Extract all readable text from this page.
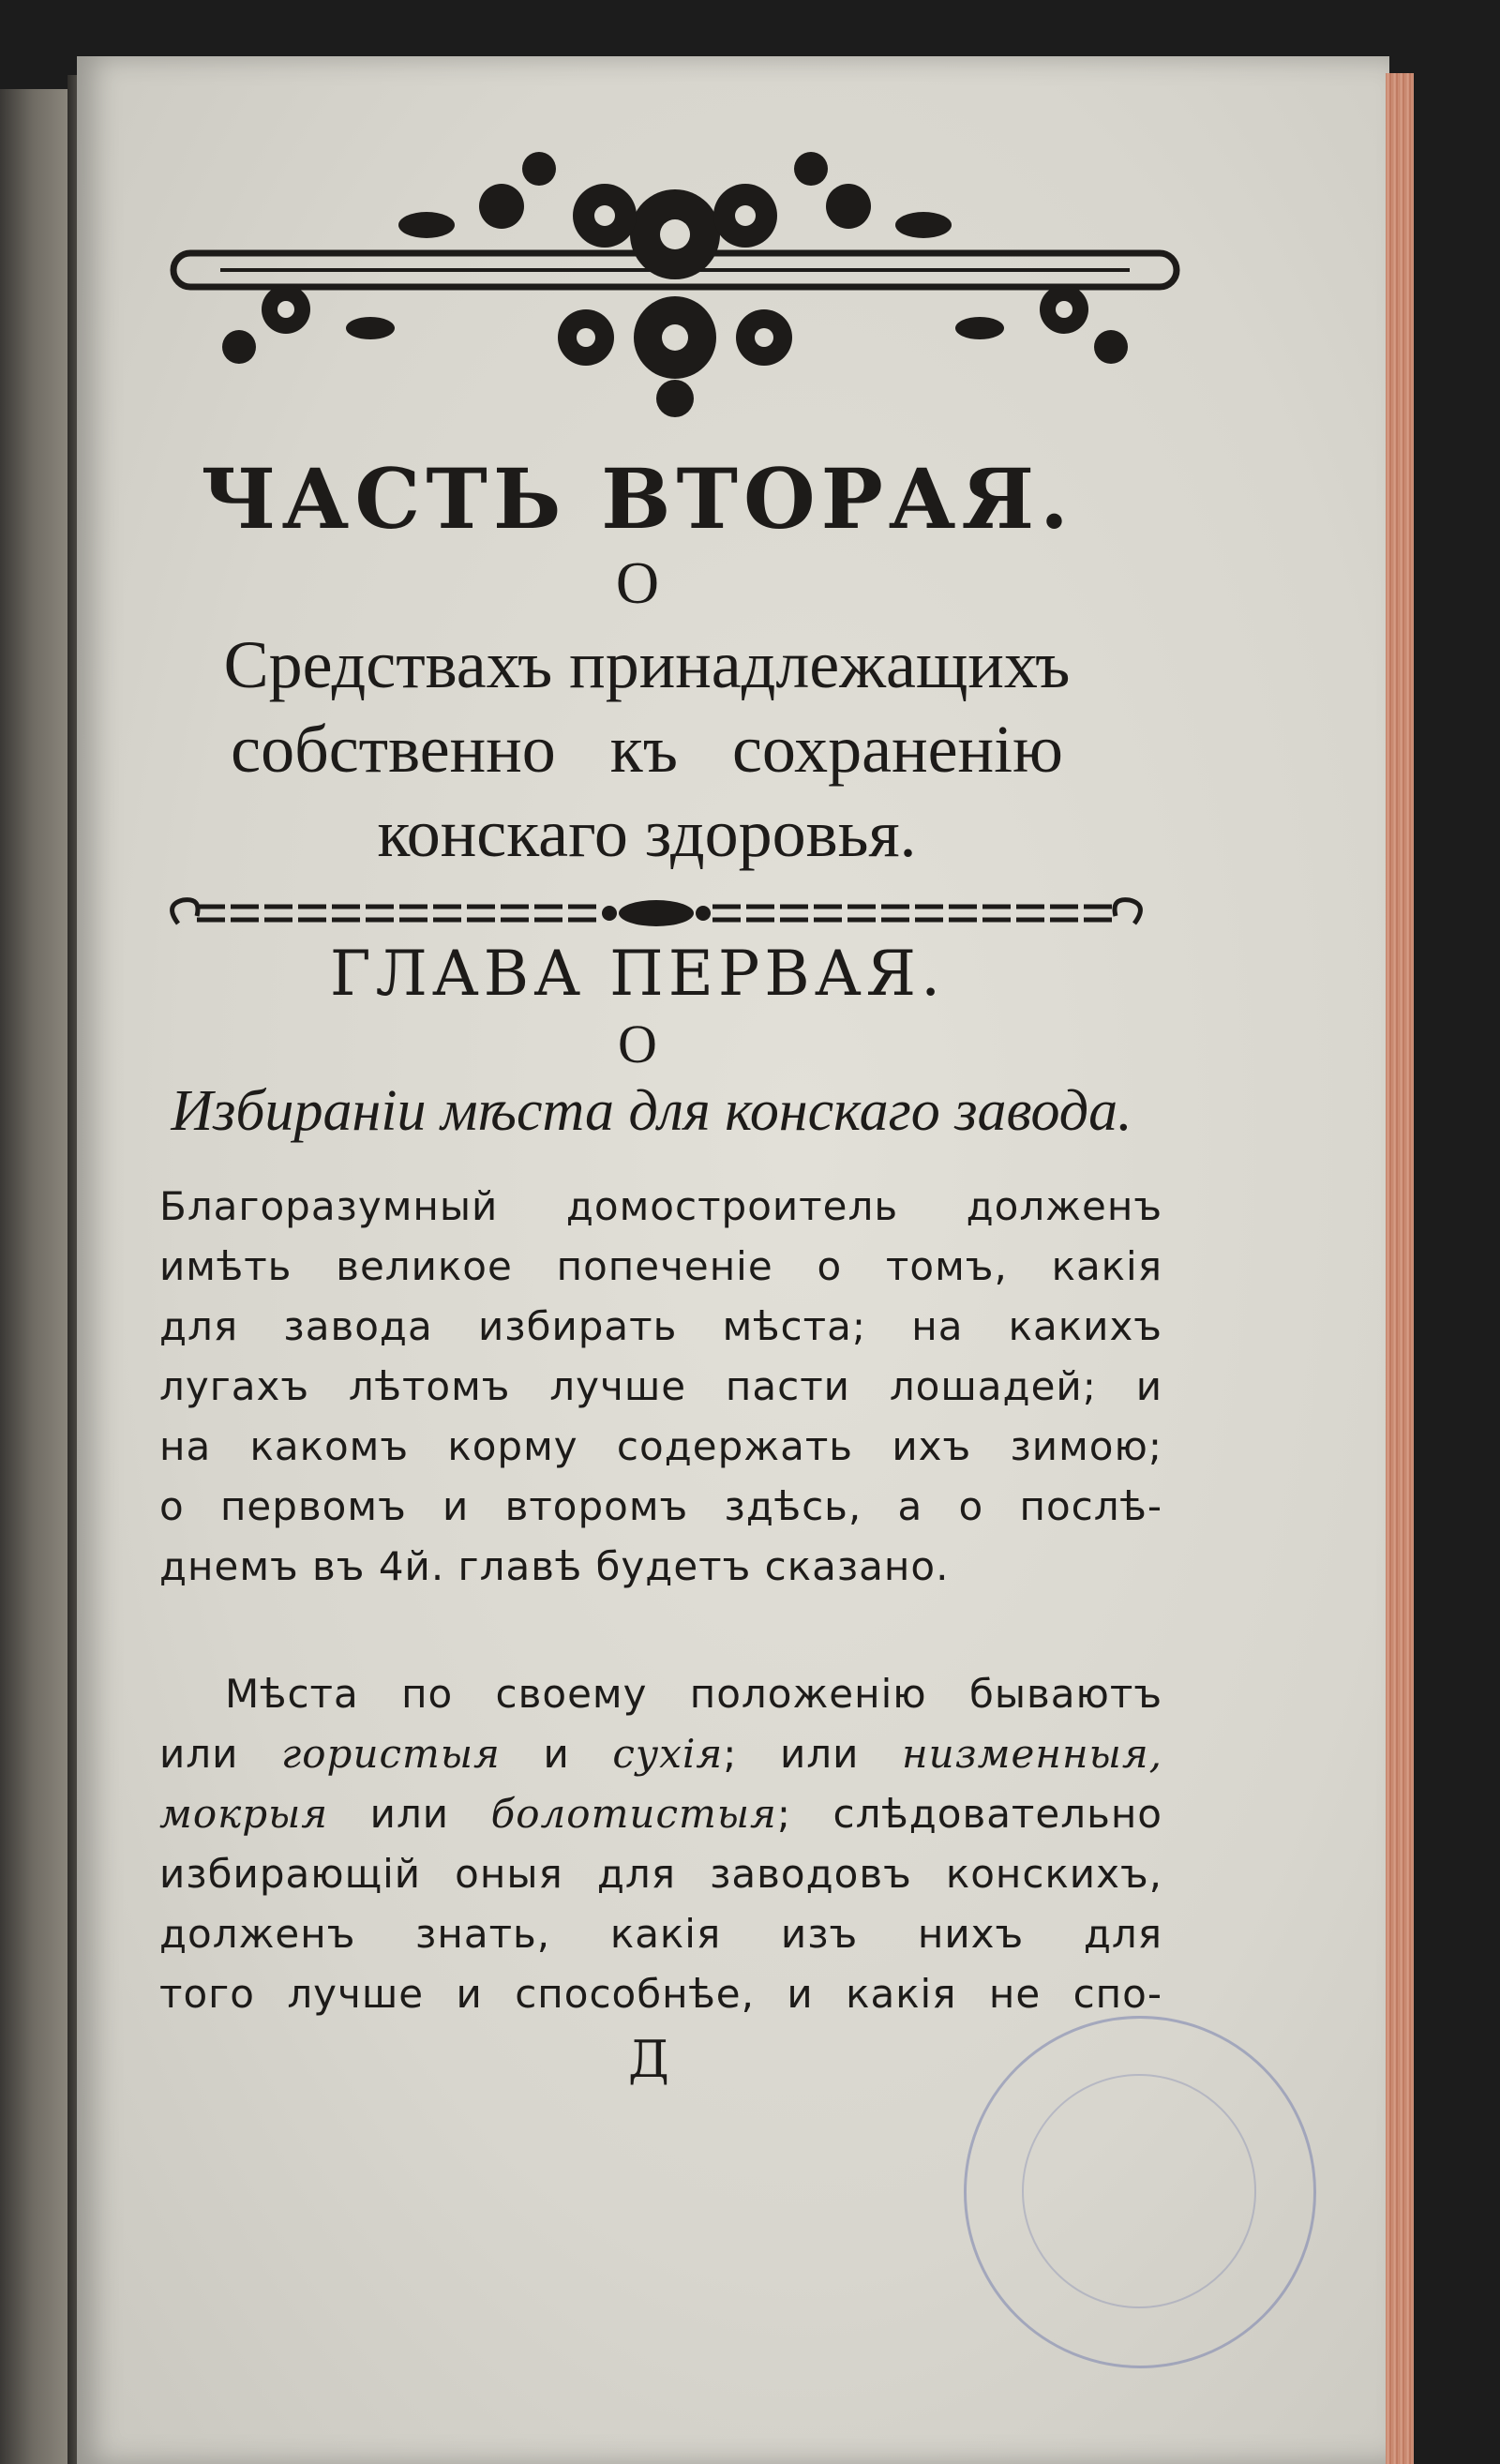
ЧАСТЬ ВТОРАЯ.
О
Средствахъ принадлежащихъ
собственно къ сохраненiю
конскаго здоровья.
ГЛАВА ПЕРВАЯ.
О
Избиранiи мѣста для конскаго завода.
Благоразумный домостроитель долженъ
имѣть великое попеченiе о томъ, какiя
для завода избирать мѣста; на какихъ
лугахъ лѣтомъ лучше пасти лошадей; и
на какомъ корму содержать ихъ зимою;
о первомъ и второмъ здѣсь, а о послѣ-
днемъ въ 4й. главѣ будетъ сказано.
Мѣста по своему положенiю бываютъ
или гористыя и сухiя; или низменныя,
мокрыя или болотистыя; слѣдовательно
избирающiй оныя для заводовъ конскихъ,
долженъ знать, какiя изъ нихъ для
того лучше и способнѣе, и какiя не спо-
Д
